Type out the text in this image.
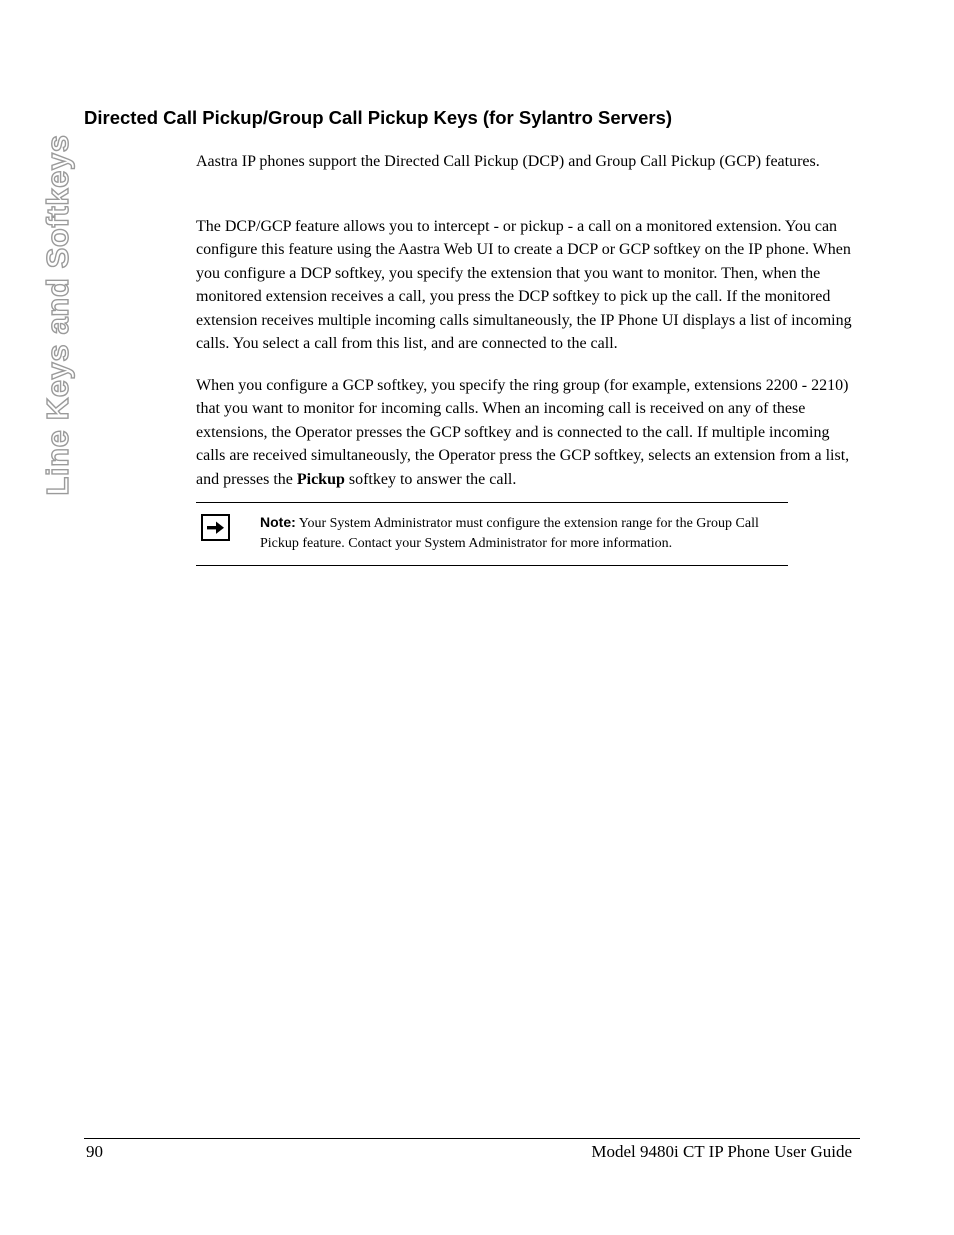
Line Keys and Softkeys
Directed Call Pickup/Group Call Pickup Keys (for Sylantro Servers)

Aastra IP phones support the Directed Call Pickup (DCP) and Group Call Pickup (GCP) features.

The DCP/GCP feature allows you to intercept - or pickup - a call on a monitored extension. You can configure this feature using the Aastra Web UI to create a DCP or GCP softkey on the IP phone. When you configure a DCP softkey, you specify the extension that you want to monitor. Then, when the monitored extension receives a call, you press the DCP softkey to pick up the call. If the monitored extension receives multiple incoming calls simultaneously, the IP Phone UI displays a list of incoming calls. You select a call from this list, and are connected to the call.

When you configure a GCP softkey, you specify the ring group (for example, extensions 2200 - 2210) that you want to monitor for incoming calls. When an incoming call is received on any of these extensions, the Operator presses the GCP softkey and is connected to the call. If multiple incoming calls are received simultaneously, the Operator press the GCP softkey, selects an extension from a list, and presses the Pickup softkey to answer the call.

Note: Your System Administrator must configure the extension range for the Group Call Pickup feature. Contact your System Administrator for more information.

90	Model 9480i CT IP Phone User Guide
